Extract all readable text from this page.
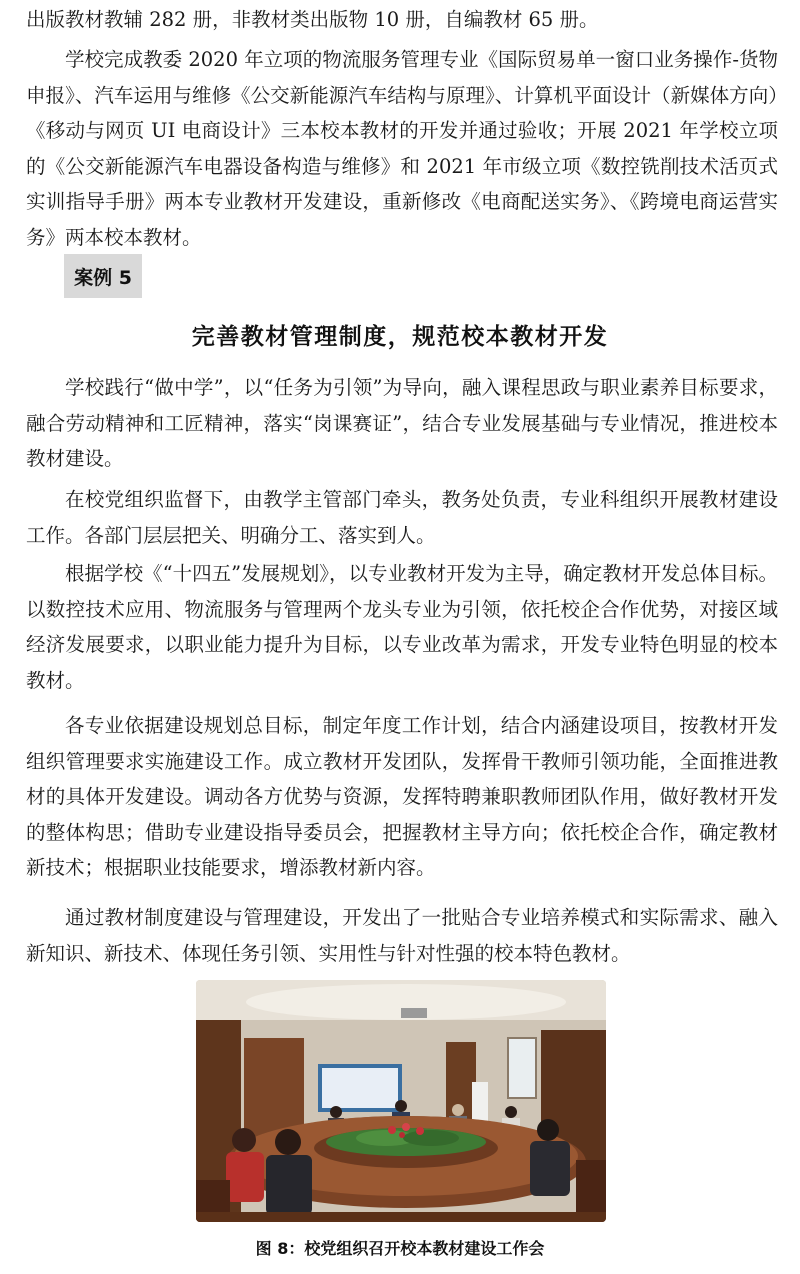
出版教材教辅 282 册，非教材类出版物 10 册，自编教材 65 册。

学校完成教委 2020 年立项的物流服务管理专业《国际贸易单一窗口业务操作-货物申报》、汽车运用与维修《公交新能源汽车结构与原理》、计算机平面设计（新媒体方向）《移动与网页 UI 电商设计》三本校本教材的开发并通过验收；开展 2021 年学校立项的《公交新能源汽车电器设备构造与维修》和 2021 年市级立项《数控铣削技术活页式实训指导手册》两本专业教材开发建设，重新修改《电商配送实务》、《跨境电商运营实务》两本校本教材。

案例 5
完善教材管理制度，规范校本教材开发

学校践行“做中学”，以“任务为引领”为导向，融入课程思政与职业素养目标要求，融合劳动精神和工匠精神，落实“岗课赛证”，结合专业发展基础与专业情况，推进校本教材建设。

在校党组织监督下，由教学主管部门牵头，教务处负责，专业科组织开展教材建设工作。各部门层层把关、明确分工、落实到人。

根据学校《“十四五”发展规划》，以专业教材开发为主导，确定教材开发总体目标。以数控技术应用、物流服务与管理两个龙头专业为引领，依托校企合作优势，对接区域经济发展要求，以职业能力提升为目标，以专业改革为需求，开发专业特色明显的校本教材。

各专业依据建设规划总目标，制定年度工作计划，结合内涵建设项目，按教材开发组织管理要求实施建设工作。成立教材开发团队，发挥骨干教师引领功能，全面推进教材的具体开发建设。调动各方优势与资源，发挥特聘兼职教师团队作用，做好教材开发的整体构思；借助专业建设指导委员会，把握教材主导方向；依托校企合作，确定教材新技术；根据职业技能要求，增添教材新内容。

通过教材制度建设与管理建设，开发出了一批贴合专业培养模式和实际需求、融入新知识、新技术、体现任务引领、实用性与针对性强的校本特色教材。

图 8：校党组织召开校本教材建设工作会
